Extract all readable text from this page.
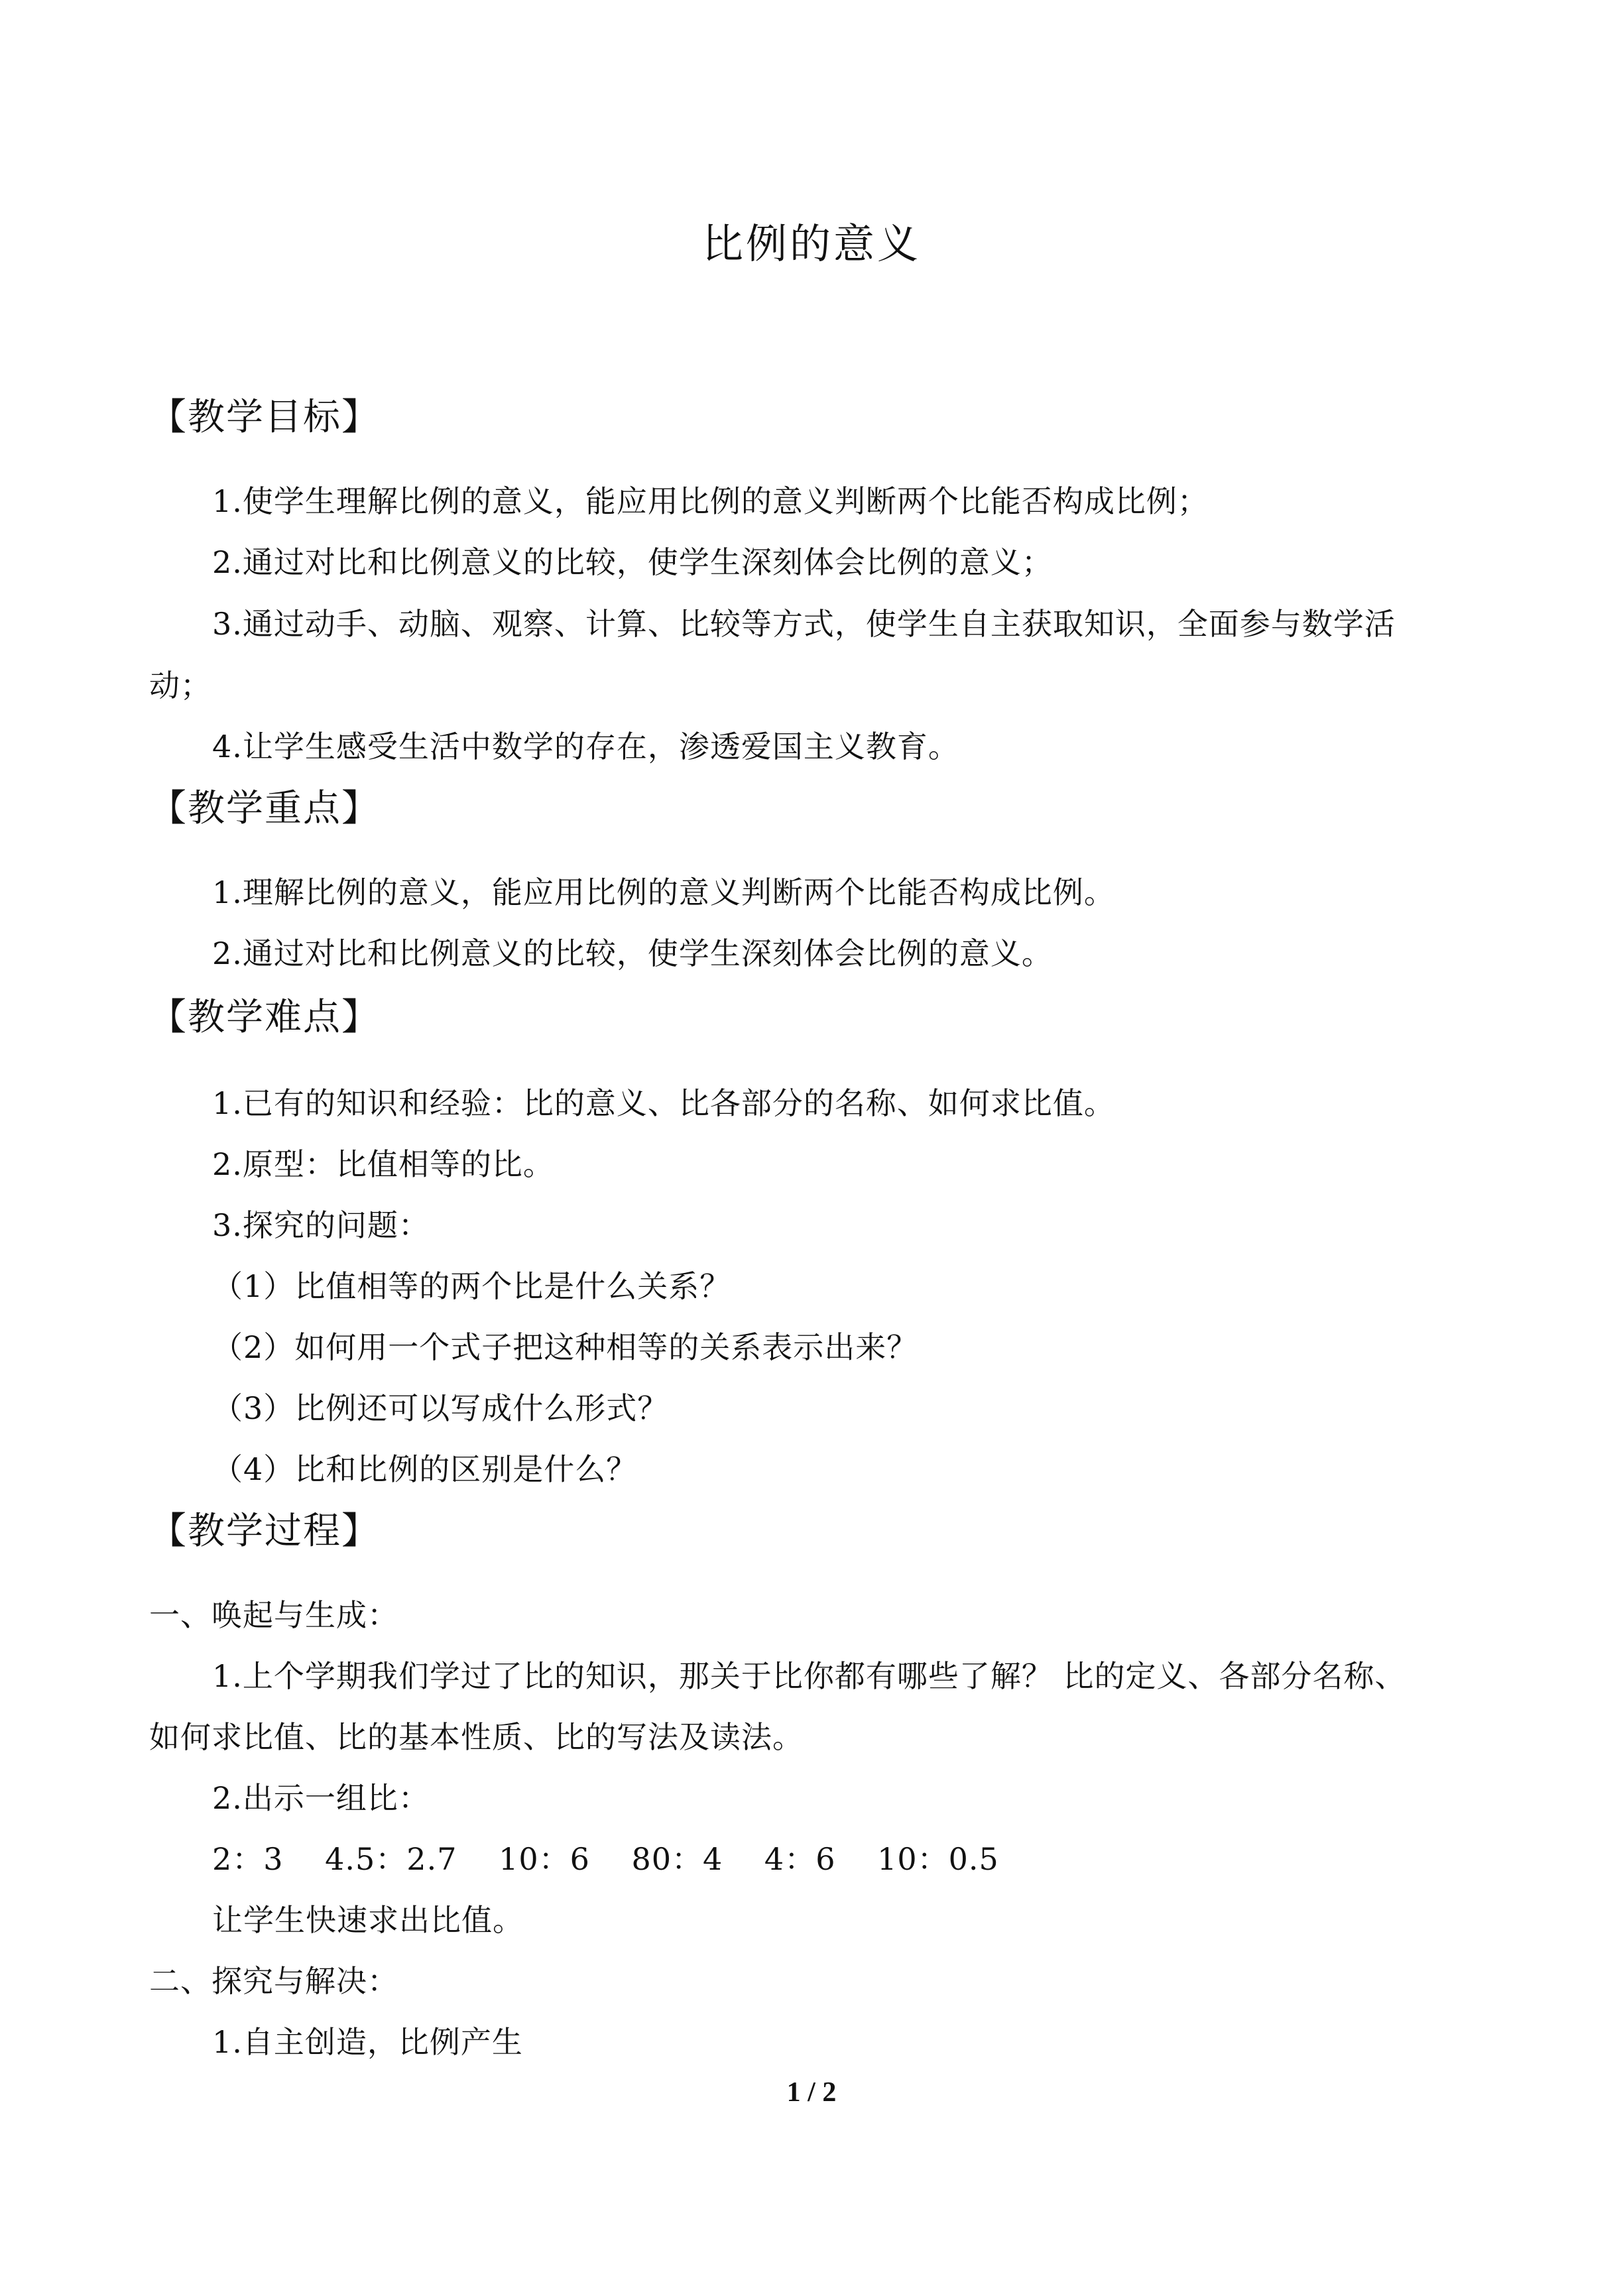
比例的意义
【教学目标】
1.使学生理解比例的意义，能应用比例的意义判断两个比能否构成比例；
2.通过对比和比例意义的比较，使学生深刻体会比例的意义；
3.通过动手、动脑、观察、计算、比较等方式，使学生自主获取知识，全面参与数学活
动；
4.让学生感受生活中数学的存在，渗透爱国主义教育。
【教学重点】
1.理解比例的意义，能应用比例的意义判断两个比能否构成比例。
2.通过对比和比例意义的比较，使学生深刻体会比例的意义。
【教学难点】
1.已有的知识和经验：比的意义、比各部分的名称、如何求比值。
2.原型：比值相等的比。
3.探究的问题：
（1）比值相等的两个比是什么关系？
（2）如何用一个式子把这种相等的关系表示出来？
（3）比例还可以写成什么形式？
（4）比和比例的区别是什么？
【教学过程】
一、唤起与生成：
1.上个学期我们学过了比的知识，那关于比你都有哪些了解？ 比的定义、各部分名称、
如何求比值、比的基本性质、比的写法及读法。
2.出示一组比：
2：3　 4.5：2.7　 10：6　 80：4　 4：6　 10：0.5
让学生快速求出比值。
二、探究与解决：
1.自主创造，比例产生
1 / 2
